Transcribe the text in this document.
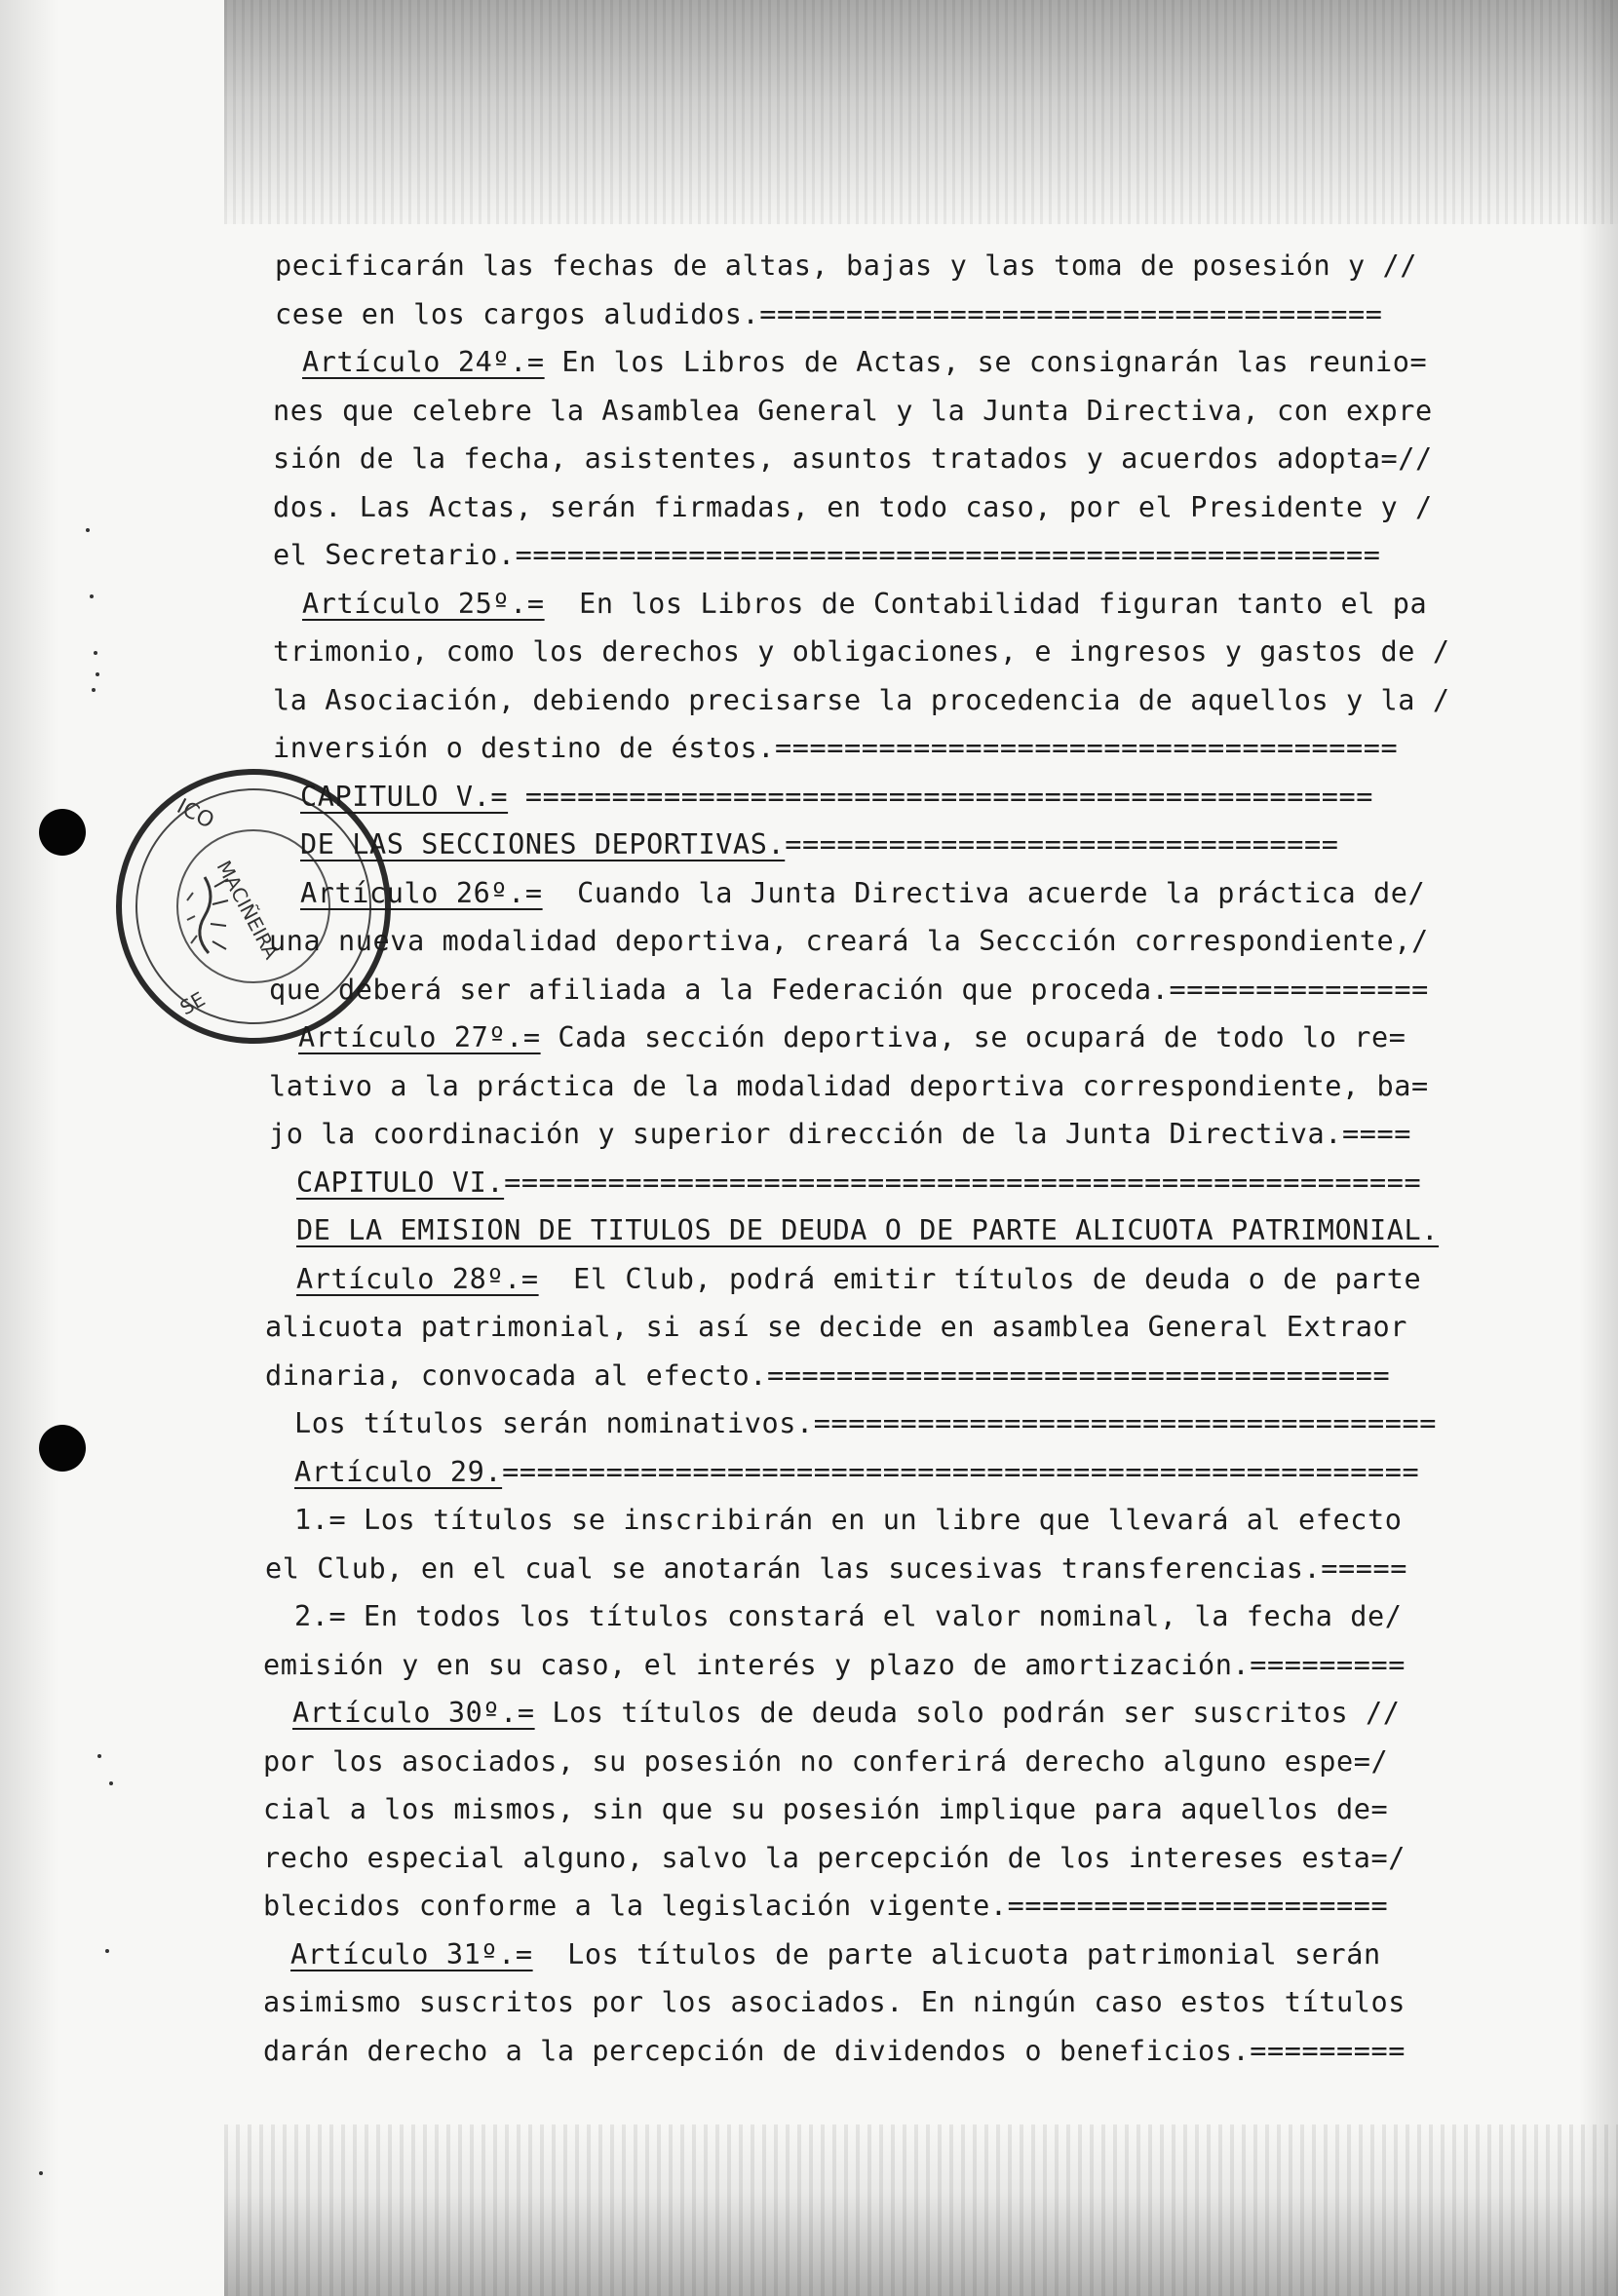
ICO
MACIÑEIRA
SE
pecificarán las fechas de altas, bajas y las toma de posesión y //
cese en los cargos aludidos.====================================
Artículo 24º.= En los Libros de Actas, se consignarán las reunio=
nes que celebre la Asamblea General y la Junta Directiva, con expre
sión de la fecha, asistentes, asuntos tratados y acuerdos adopta=//
dos. Las Actas, serán firmadas, en todo caso, por el Presidente y /
el Secretario.==================================================
Artículo 25º.=  En los Libros de Contabilidad figuran tanto el pa
trimonio, como los derechos y obligaciones, e ingresos y gastos de /
la Asociación, debiendo precisarse la procedencia de aquellos y la /
inversión o destino de éstos.====================================
CAPITULO V.= =================================================
DE LAS SECCIONES DEPORTIVAS.================================
Artículo 26º.=  Cuando la Junta Directiva acuerde la práctica de/
una nueva modalidad deportiva, creará la Seccción correspondiente,/
que deberá ser afiliada a la Federación que proceda.===============
Artículo 27º.= Cada sección deportiva, se ocupará de todo lo re=
lativo a la práctica de la modalidad deportiva correspondiente, ba=
jo la coordinación y superior dirección de la Junta Directiva.====
CAPITULO VI.=====================================================
DE LA EMISION DE TITULOS DE DEUDA O DE PARTE ALICUOTA PATRIMONIAL.
Artículo 28º.=  El Club, podrá emitir títulos de deuda o de parte
alicuota patrimonial, si así se decide en asamblea General Extraor
dinaria, convocada al efecto.====================================
Los títulos serán nominativos.====================================
Artículo 29.=====================================================
1.= Los títulos se inscribirán en un libre que llevará al efecto
el Club, en el cual se anotarán las sucesivas transferencias.=====
2.= En todos los títulos constará el valor nominal, la fecha de/
emisión y en su caso, el interés y plazo de amortización.=========
Artículo 30º.= Los títulos de deuda solo podrán ser suscritos //
por los asociados, su posesión no conferirá derecho alguno espe=/
cial a los mismos, sin que su posesión implique para aquellos de=
recho especial alguno, salvo la percepción de los intereses esta=/
blecidos conforme a la legislación vigente.======================
Artículo 31º.=  Los títulos de parte alicuota patrimonial serán
asimismo suscritos por los asociados. En ningún caso estos títulos
darán derecho a la percepción de dividendos o beneficios.=========
